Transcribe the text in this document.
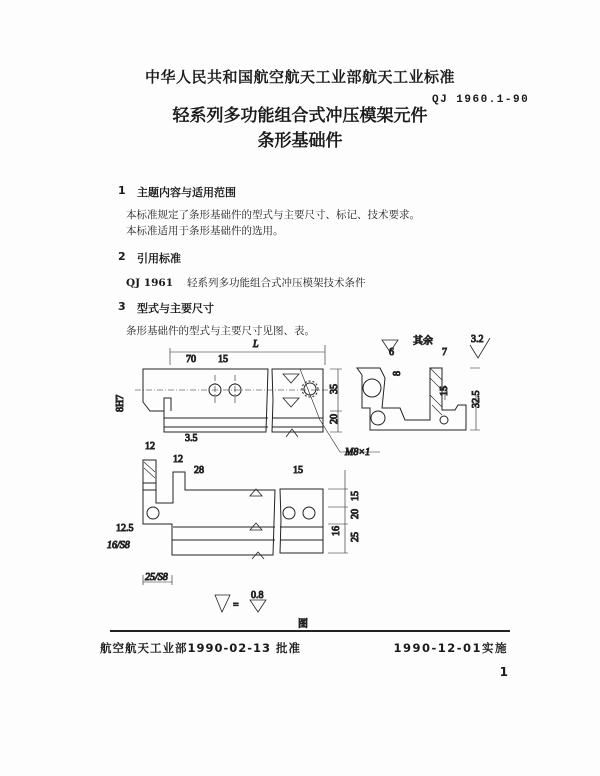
中华人民共和国航空航天工业部航天工业标准
QJ 1960.1-90
轻系列多功能组合式冲压模架元件
条形基础件
1 主题内容与适用范围
本标准规定了条形基础件的型式与主要尺寸、标记、技术要求。
本标准适用于条形基础件的选用。
2 引用标准
QJ 1961 轻系列多功能组合式冲压模架技术条件
3 型式与主要尺寸
条形基础件的型式与主要尺寸见图、表。
L
70 15
8H7
3.5
35
20
M8×1
6	7
8
15 32.5
其余	3.2
12
12
28	15
15
20
16
25
12.5
16/S8
25/S8
=
0.8
图
航空航天工业部1990-02-13 批准	1990-12-01实施
1
